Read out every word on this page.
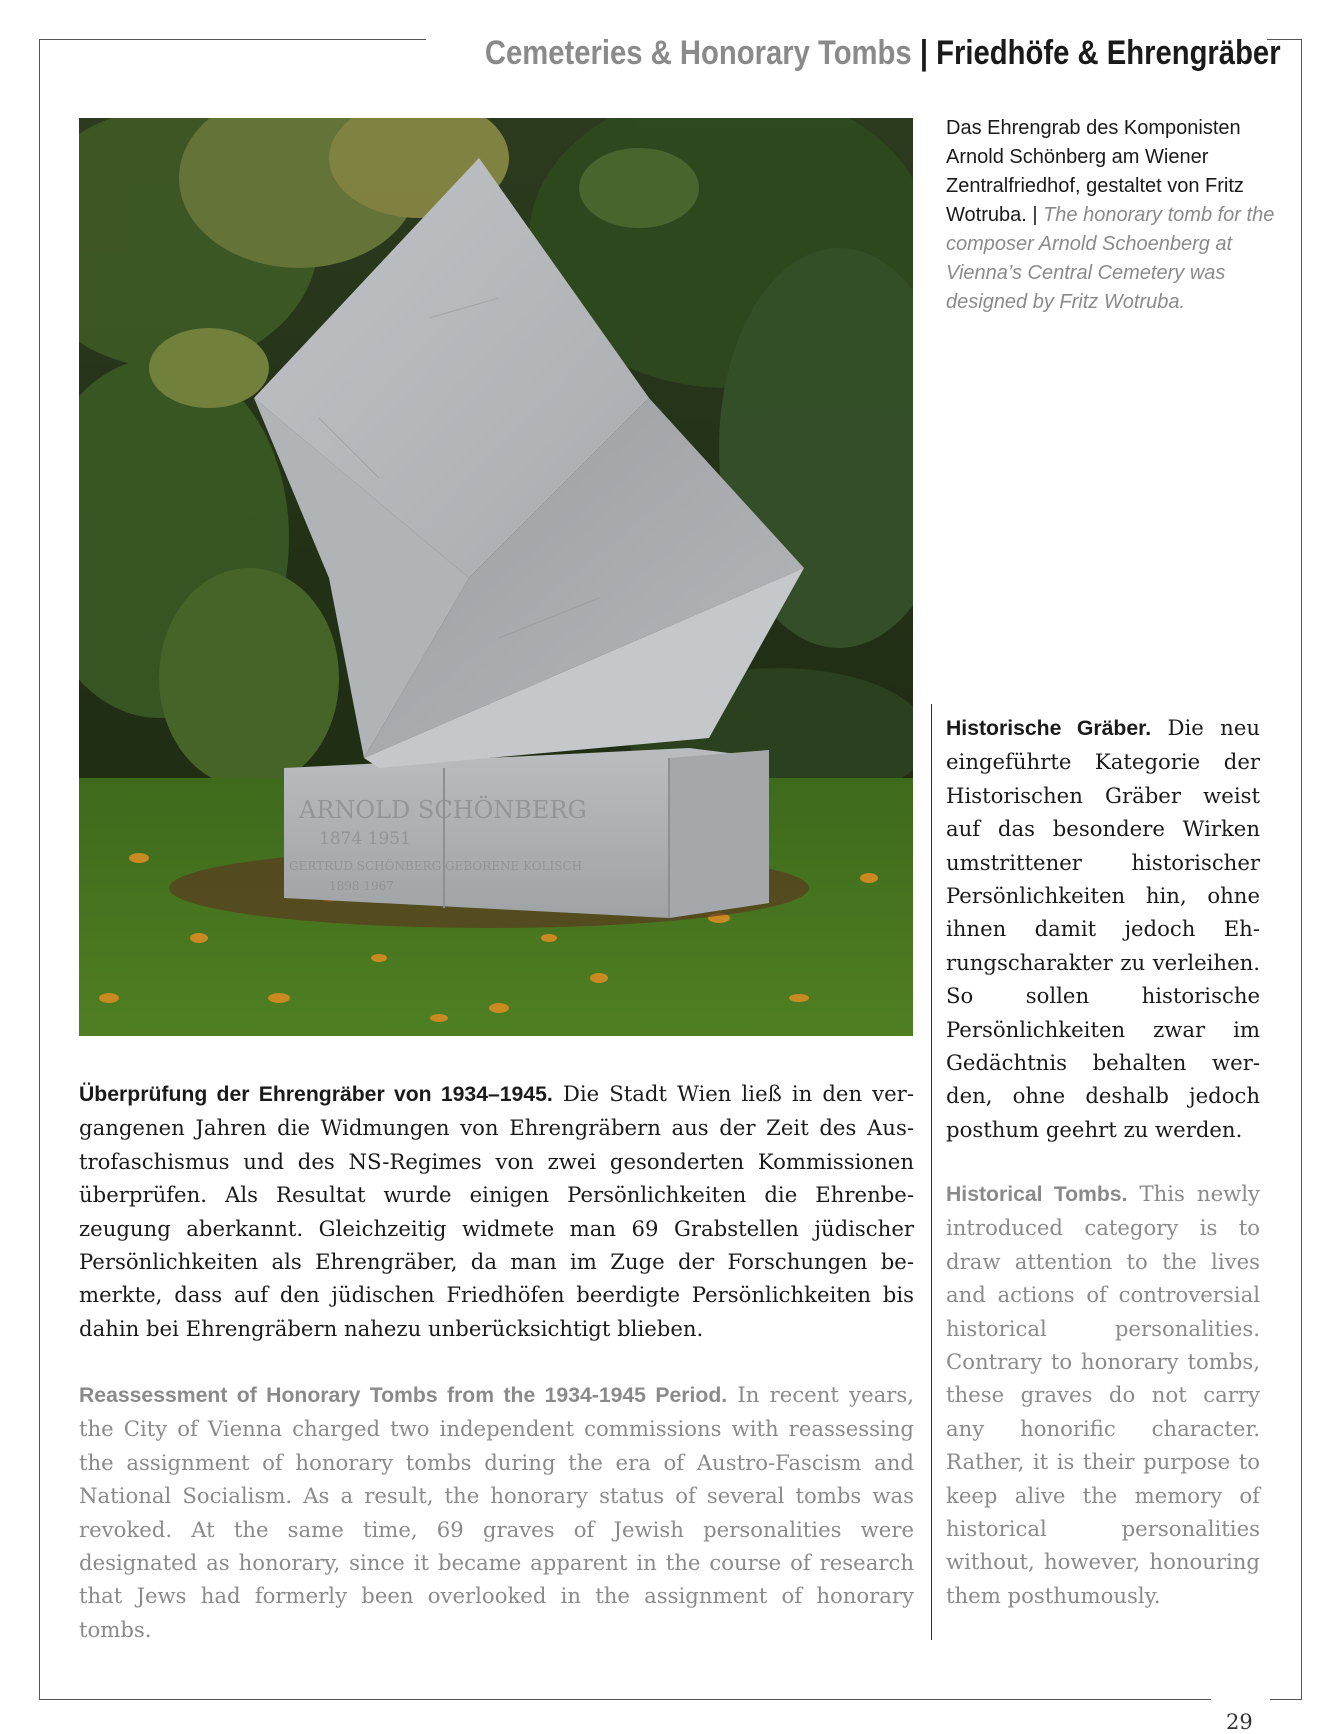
Cemeteries & Honorary Tombs | Friedhöfe & Ehrengräber
ARNOLD SCHÖNBERG
1874 1951
GERTRUD SCHÖNBERG GEBORENE KOLISCH
1898 1967
Das Ehrengrab des Komponisten Arnold Schönberg am Wiener Zentralfriedhof, gestaltet von Fritz Wotruba. | The honorary tomb for the composer Arnold Schoenberg at Vienna’s Central Cemetery was designed by Fritz Wotruba.
Überprüfung der Ehrengräber von 1934–1945. Die Stadt Wien ließ in den vergangenen Jahren die Widmungen von Ehrengräbern aus der Zeit des Austrofaschismus und des NS-Regimes von zwei gesonderten Kommissionen überprüfen. Als Resultat wurde einigen Persönlichkeiten die Ehrenbezeugung aberkannt. Gleichzeitig widmete man 69 Grabstellen jüdischer Persönlichkeiten als Ehrengräber, da man im Zuge der Forschungen bemerkte, dass auf den jüdischen Friedhöfen beerdigte Persönlichkeiten bis dahin bei Ehrengräbern nahezu unberücksichtigt blieben.
Reassessment of Honorary Tombs from the 1934-1945 Period. In recent years, the City of Vienna charged two independent commissions with reassessing the assignment of honorary tombs during the era of Austro-Fascism and National Socialism. As a result, the honorary status of several tombs was revoked. At the same time, 69 graves of Jewish personalities were designated as honorary, since it became apparent in the course of research that Jews had formerly been overlooked in the assignment of honorary tombs.
Historische Gräber. Die neu eingeführte Kategorie der Historischen Gräber weist auf das besondere Wirken umstrittener historischer Persönlichkeiten hin, ohne ihnen damit jedoch Ehrungscharakter zu verleihen. So sollen historische Persönlichkeiten zwar im Gedächtnis behalten werden, ohne deshalb jedoch posthum geehrt zu werden.
Historical Tombs. This newly introduced category is to draw attention to the lives and actions of controversial historical personalities. Contrary to honorary tombs, these graves do not carry any honorific character. Rather, it is their purpose to keep alive the memory of historical personalities without, however, honouring them posthumously.
29
